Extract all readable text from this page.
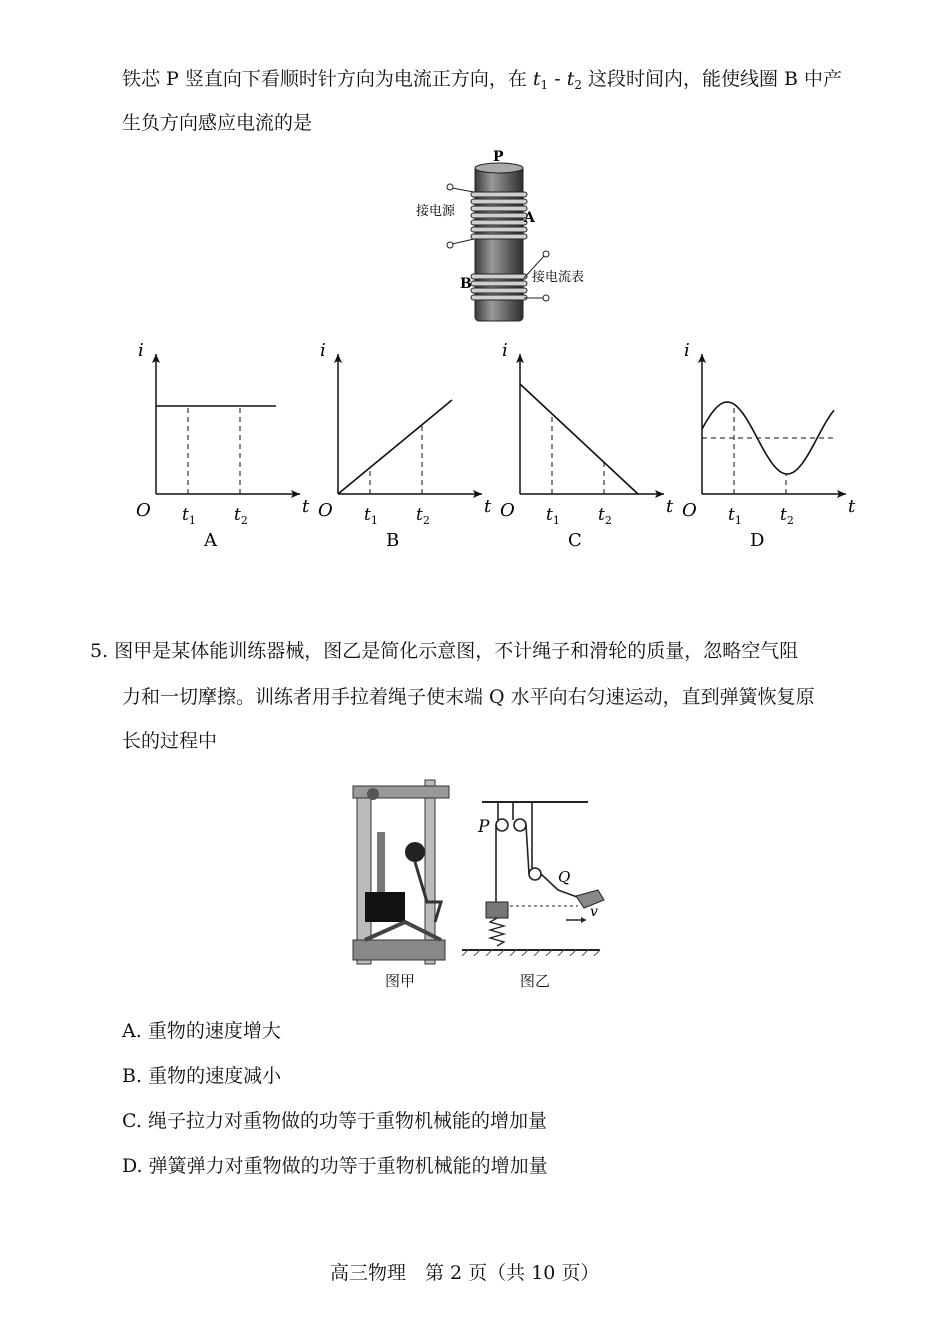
铁芯 P 竖直向下看顺时针方向为电流正方向，在 $t_1 - t_2$ 这段时间内，能使线圈 B 中产
生负方向感应电流的是
P
A
B
接电源
接电流表
i
t
O $t_1$ $t_2$
A
i
t
O $t_1$ $t_2$
B
i
t
O $t_1$ $t_2$
C
i
t
O $t_1$ $t_2$
D
5. 图甲是某体能训练器械，图乙是简化示意图，不计绳子和滑轮的质量，忽略空气阻
力和一切摩擦。训练者用手拉着绳子使末端 Q 水平向右匀速运动，直到弹簧恢复原
长的过程中
图甲
P
Q
v
图乙
A. 重物的速度增大
B. 重物的速度减小
C. 绳子拉力对重物做的功等于重物机械能的增加量
D. 弹簧弹力对重物做的功等于重物机械能的增加量
高三物理　第 2 页（共 10 页）
